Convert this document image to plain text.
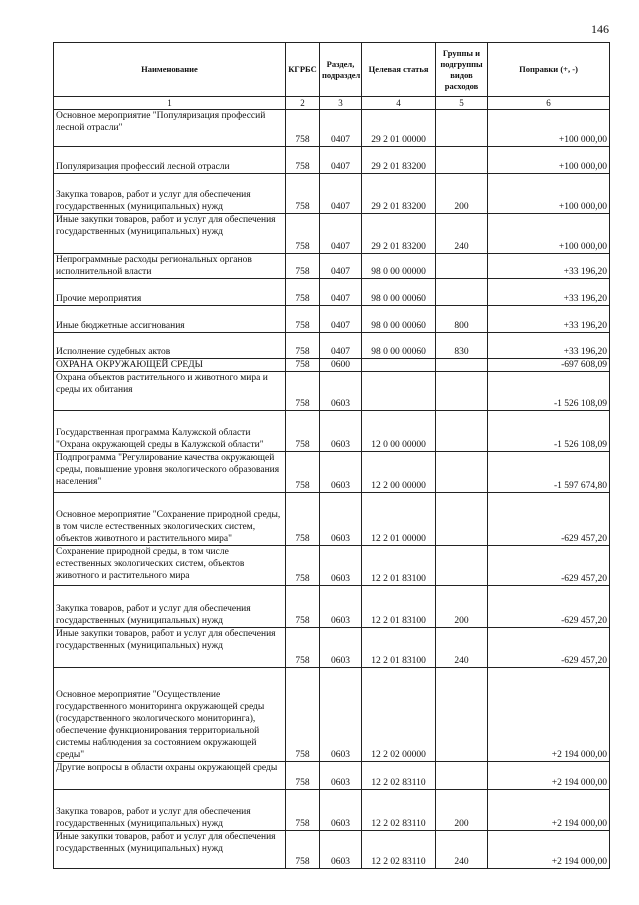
146
Наименование	КГРБС	Раздел, подраздел	Целевая статья	Группы и подгруппы видов расходов	Поправки (+, -)
1	2	3	4	5	6
Основное мероприятие "Популяризация профессий лесной отрасли"	758	0407	29 2 01 00000		+100 000,00
Популяризация профессий лесной отрасли	758	0407	29 2 01 83200		+100 000,00
Закупка товаров, работ и услуг для обеспечения государственных (муниципальных) нужд	758	0407	29 2 01 83200	200	+100 000,00
Иные закупки товаров, работ и услуг для обеспечения государственных (муниципальных) нужд	758	0407	29 2 01 83200	240	+100 000,00
Непрограммные расходы региональных органов исполнительной власти	758	0407	98 0 00 00000		+33 196,20
Прочие мероприятия	758	0407	98 0 00 00060		+33 196,20
Иные бюджетные ассигнования	758	0407	98 0 00 00060	800	+33 196,20
Исполнение судебных актов	758	0407	98 0 00 00060	830	+33 196,20
ОХРАНА ОКРУЖАЮЩЕЙ СРЕДЫ	758	0600			-697 608,09
Охрана объектов растительного и животного мира и среды их обитания	758	0603			-1 526 108,09
Государственная программа Калужской области "Охрана окружающей среды в Калужской области"	758	0603	12 0 00 00000		-1 526 108,09
Подпрограмма "Регулирование качества окружающей среды, повышение уровня экологического образования населения"	758	0603	12 2 00 00000		-1 597 674,80
Основное мероприятие "Сохранение природной среды, в том числе естественных экологических систем, объектов животного и растительного мира"	758	0603	12 2 01 00000		-629 457,20
Сохранение природной среды, в том числе естественных экологических систем, объектов животного и растительного мира	758	0603	12 2 01 83100		-629 457,20
Закупка товаров, работ и услуг для обеспечения государственных (муниципальных) нужд	758	0603	12 2 01 83100	200	-629 457,20
Иные закупки товаров, работ и услуг для обеспечения государственных (муниципальных) нужд	758	0603	12 2 01 83100	240	-629 457,20
Основное мероприятие "Осуществление государственного мониторинга окружающей среды (государственного экологического мониторинга), обеспечение функционирования территориальной системы наблюдения за состоянием окружающей среды"	758	0603	12 2 02 00000		+2 194 000,00
Другие вопросы в области охраны окружающей среды	758	0603	12 2 02 83110		+2 194 000,00
Закупка товаров, работ и услуг для обеспечения государственных (муниципальных) нужд	758	0603	12 2 02 83110	200	+2 194 000,00
Иные закупки товаров, работ и услуг для обеспечения государственных (муниципальных) нужд	758	0603	12 2 02 83110	240	+2 194 000,00
